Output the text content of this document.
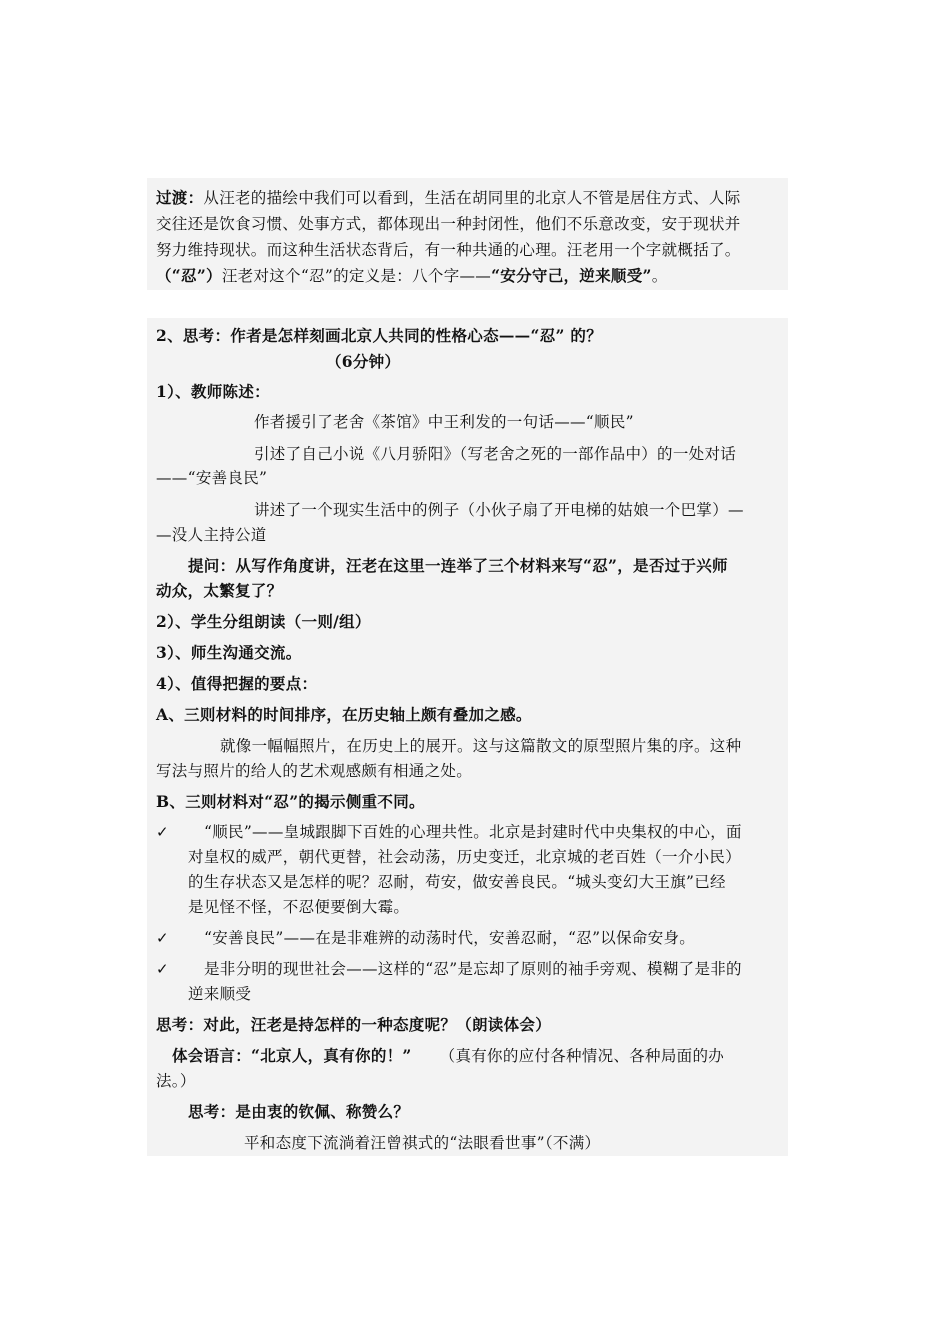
过渡：从汪老的描绘中我们可以看到，生活在胡同里的北京人不管是居住方式、人际
交往还是饮食习惯、处事方式，都体现出一种封闭性，他们不乐意改变，安于现状并
努力维持现状。而这种生活状态背后，有一种共通的心理。汪老用一个字就概括了。
（“忍”）汪老对这个“忍”的定义是：八个字——“安分守己，逆来顺受”。
2、思考：作者是怎样刻画北京人共同的性格心态——“忍” 的？
（6分钟）
1）、教师陈述：
作者援引了老舍《茶馆》中王利发的一句话——“顺民”
引述了自己小说《八月骄阳》（写老舍之死的一部作品中）的一处对话
——“安善良民”
讲述了一个现实生活中的例子（小伙子扇了开电梯的姑娘一个巴掌）—
—没人主持公道
提问：从写作角度讲，汪老在这里一连举了三个材料来写“忍”，是否过于兴师
动众，太繁复了？
2）、学生分组朗读（一则/组）
3）、师生沟通交流。
4）、值得把握的要点：
A、三则材料的时间排序，在历史轴上颇有叠加之感。
就像一幅幅照片，在历史上的展开。这与这篇散文的原型照片集的序。这种
写法与照片的给人的艺术观感颇有相通之处。
B、三则材料对“忍”的揭示侧重不同。
✓ “顺民”——皇城跟脚下百姓的心理共性。北京是封建时代中央集权的中心，面
对皇权的威严，朝代更替，社会动荡，历史变迁，北京城的老百姓（一介小民）
的生存状态又是怎样的呢？忍耐，苟安，做安善良民。“城头变幻大王旗”已经
是见怪不怪，不忍便要倒大霉。
✓ “安善良民”——在是非难辨的动荡时代，安善忍耐，“忍”以保命安身。
✓ 是非分明的现世社会——这样的“忍”是忘却了原则的袖手旁观、模糊了是非的
逆来顺受
思考：对此，汪老是持怎样的一种态度呢？（朗读体会）
体会语言：“北京人，真有你的！” （真有你的应付各种情况、各种局面的办
法。）
思考：是由衷的钦佩、称赞么？
平和态度下流淌着汪曾祺式的“法眼看世事”（不满）
